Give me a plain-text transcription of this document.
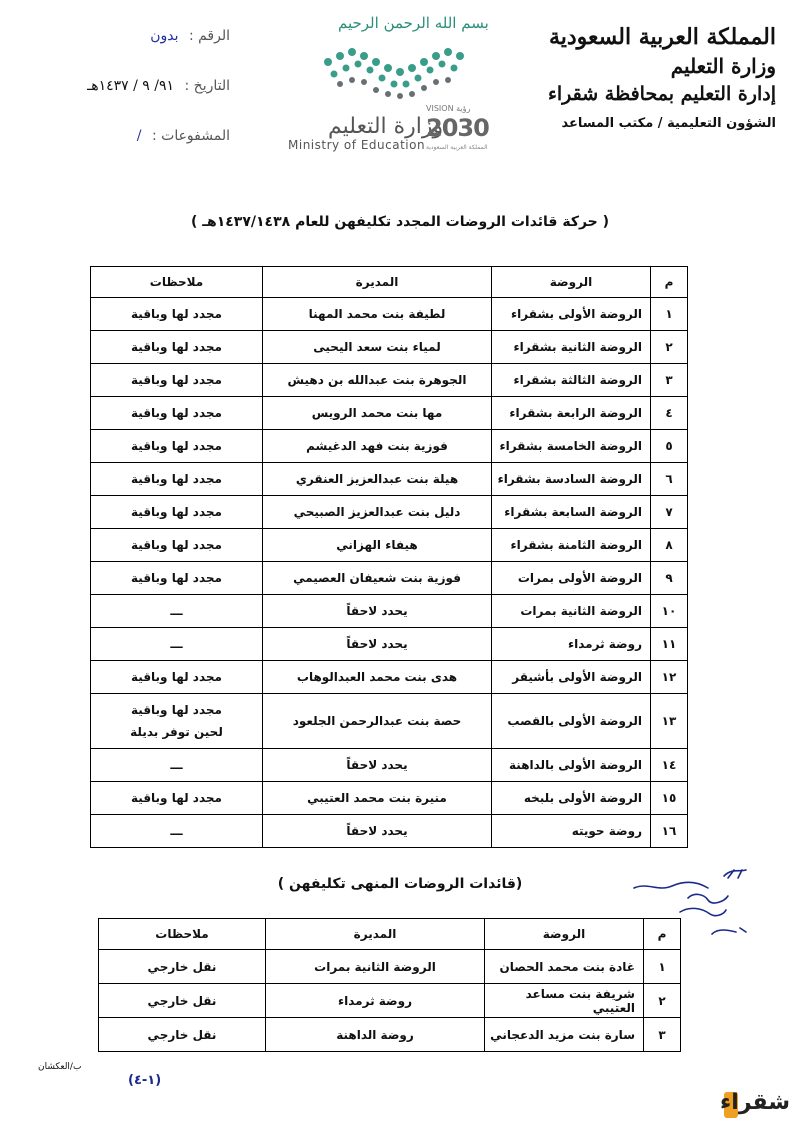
المملكة العربية السعودية
وزارة التعليم
إدارة التعليم بمحافظة شقراء
الشؤون التعليمية / مكتب المساعد
بسم الله الرحمن الرحيم
وزارة التعليم
Ministry of Education
VISION رؤية
2030
المملكة العربية السعودية
الرقم : بدون
التاريخ : ٩١/ ٩ / ١٤٣٧هـ
المشفوعات : /
( حركة قائدات الروضات المجدد تكليفهن للعام ١٤٣٧/١٤٣٨هـ )
م	الروضة	المديرة	ملاحظات
١	الروضة الأولى بشقراء	لطيفة بنت محمد المهنا	مجدد لها وباقية
٢	الروضة الثانية بشقراء	لمياء بنت سعد اليحيى	مجدد لها وباقية
٣	الروضة الثالثة بشقراء	الجوهرة بنت عبدالله بن دهيش	مجدد لها وباقية
٤	الروضة الرابعة بشقراء	مها بنت محمد الرويس	مجدد لها وباقية
٥	الروضة الخامسة بشقراء	فوزية بنت فهد الدغيشم	مجدد لها وباقية
٦	الروضة السادسة بشقراء	هيلة بنت عبدالعزيز العنقري	مجدد لها وباقية
٧	الروضة السابعة بشقراء	دليل بنت عبدالعزيز الصبيحي	مجدد لها وباقية
٨	الروضة الثامنة بشقراء	هيفاء الهزاني	مجدد لها وباقية
٩	الروضة الأولى بمرات	فوزية بنت شعيفان العصيمي	مجدد لها وباقية
١٠	الروضة الثانية بمرات	يحدد لاحقاً	ـــ
١١	روضة ثرمداء	يحدد لاحقاً	ـــ
١٢	الروضة الأولى بأشيقر	هدى بنت محمد العبدالوهاب	مجدد لها وباقية
١٣	الروضة الأولى بالقصب	حصة بنت عبدالرحمن الجلعود	مجدد لها وباقية
لحين توفر بديلة

١٤	الروضة الأولى بالداهنة	يحدد لاحقاً	ـــ
١٥	الروضة الأولى بلبخه	منيرة بنت محمد العتيبي	مجدد لها وباقية
١٦	روضة حويته	يحدد لاحقاً	ـــ
(قائدات الروضات المنهى تكليفهن )
م	الروضة	المديرة	ملاحظات
١	غادة بنت محمد الحصان	الروضة الثانية بمرات	نقل خارجي
٢	شريفة بنت مساعد العتيبي	روضة ثرمداء	نقل خارجي
٣	سارة بنت مزيد الدعجاني	روضة الداهنة	نقل خارجي
ب/العكشان
(١-٤)
شقراء
